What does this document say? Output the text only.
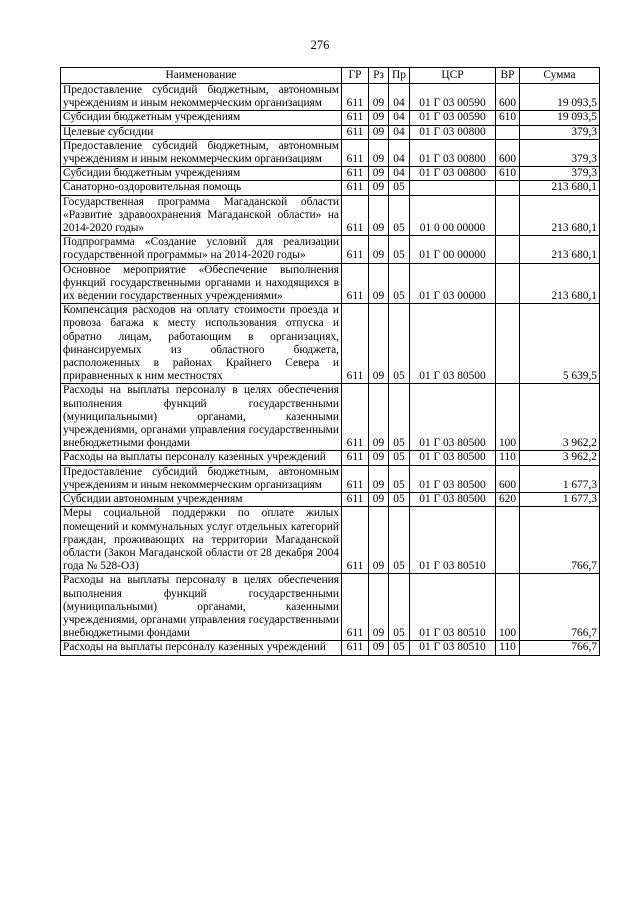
276
Наименование	ГР	Рз	Пр	ЦСР	ВР	Сумма
Предоставление субсидий бюджетным, автономным учреждениям и иным некоммерческим организациям	611	09	04	01 Г 03 00590	600	19 093,5
Субсидии бюджетным учреждениям	611	09	04	01 Г 03 00590	610	19 093,5
Целевые субсидии	611	09	04	01 Г 03 00800		379,3
Предоставление субсидий бюджетным, автономным учреждениям и иным некоммерческим организациям	611	09	04	01 Г 03 00800	600	379,3
Субсидии бюджетным учреждениям	611	09	04	01 Г 03 00800	610	379,3
Санаторно-оздоровительная помощь	611	09	05			213 680,1
Государственная программа Магаданской области «Развитие здравоохранения Магаданской области» на 2014-2020 годы»	611	09	05	01 0 00 00000		213 680,1
Подпрограмма «Создание условий для реализации государственной программы» на 2014-2020 годы»	611	09	05	01 Г 00 00000		213 680,1
Основное мероприятие «Обеспечение выполнения функций государственными органами и находящихся в их ведении государственных учреждениями»	611	09	05	01 Г 03 00000		213 680,1
Компенсация расходов на оплату стоимости проезда и провоза багажа к месту использования отпуска и обратно лицам, работающим в организациях, финансируемых из областного бюджета, расположенных в районах Крайнего Севера и приравненных к ним местностях	611	09	05	01 Г 03 80500		5 639,5
Расходы на выплаты персоналу в целях обеспечения выполнения функций государственными (муниципальными) органами, казенными учреждениями, органами управления государственными внебюджетными фондами	611	09	05	01 Г 03 80500	100	3 962,2
Расходы на выплаты персоналу казенных учреждений	611	09	05	01 Г 03 80500	110	3 962,2
Предоставление субсидий бюджетным, автономным учреждениям и иным некоммерческим организациям	611	09	05	01 Г 03 80500	600	1 677,3
Субсидии автономным учреждениям	611	09	05	01 Г 03 80500	620	1 677,3
Меры социальной поддержки по оплате жилых помещений и коммунальных услуг отдельных категорий граждан, проживающих на территории Магаданской области (Закон Магаданской области от 28 декабря 2004 года № 528-ОЗ)	611	09	05	01 Г 03 80510		766,7
Расходы на выплаты персоналу в целях обеспечения выполнения функций государственными (муниципальными) органами, казенными учреждениями, органами управления государственными внебюджетными фондами	611	09	05	01 Г 03 80510	100	766,7
Расходы на выплаты персоналу казенных учреждений	611	09	05	01 Г 03 80510	110	766,7
